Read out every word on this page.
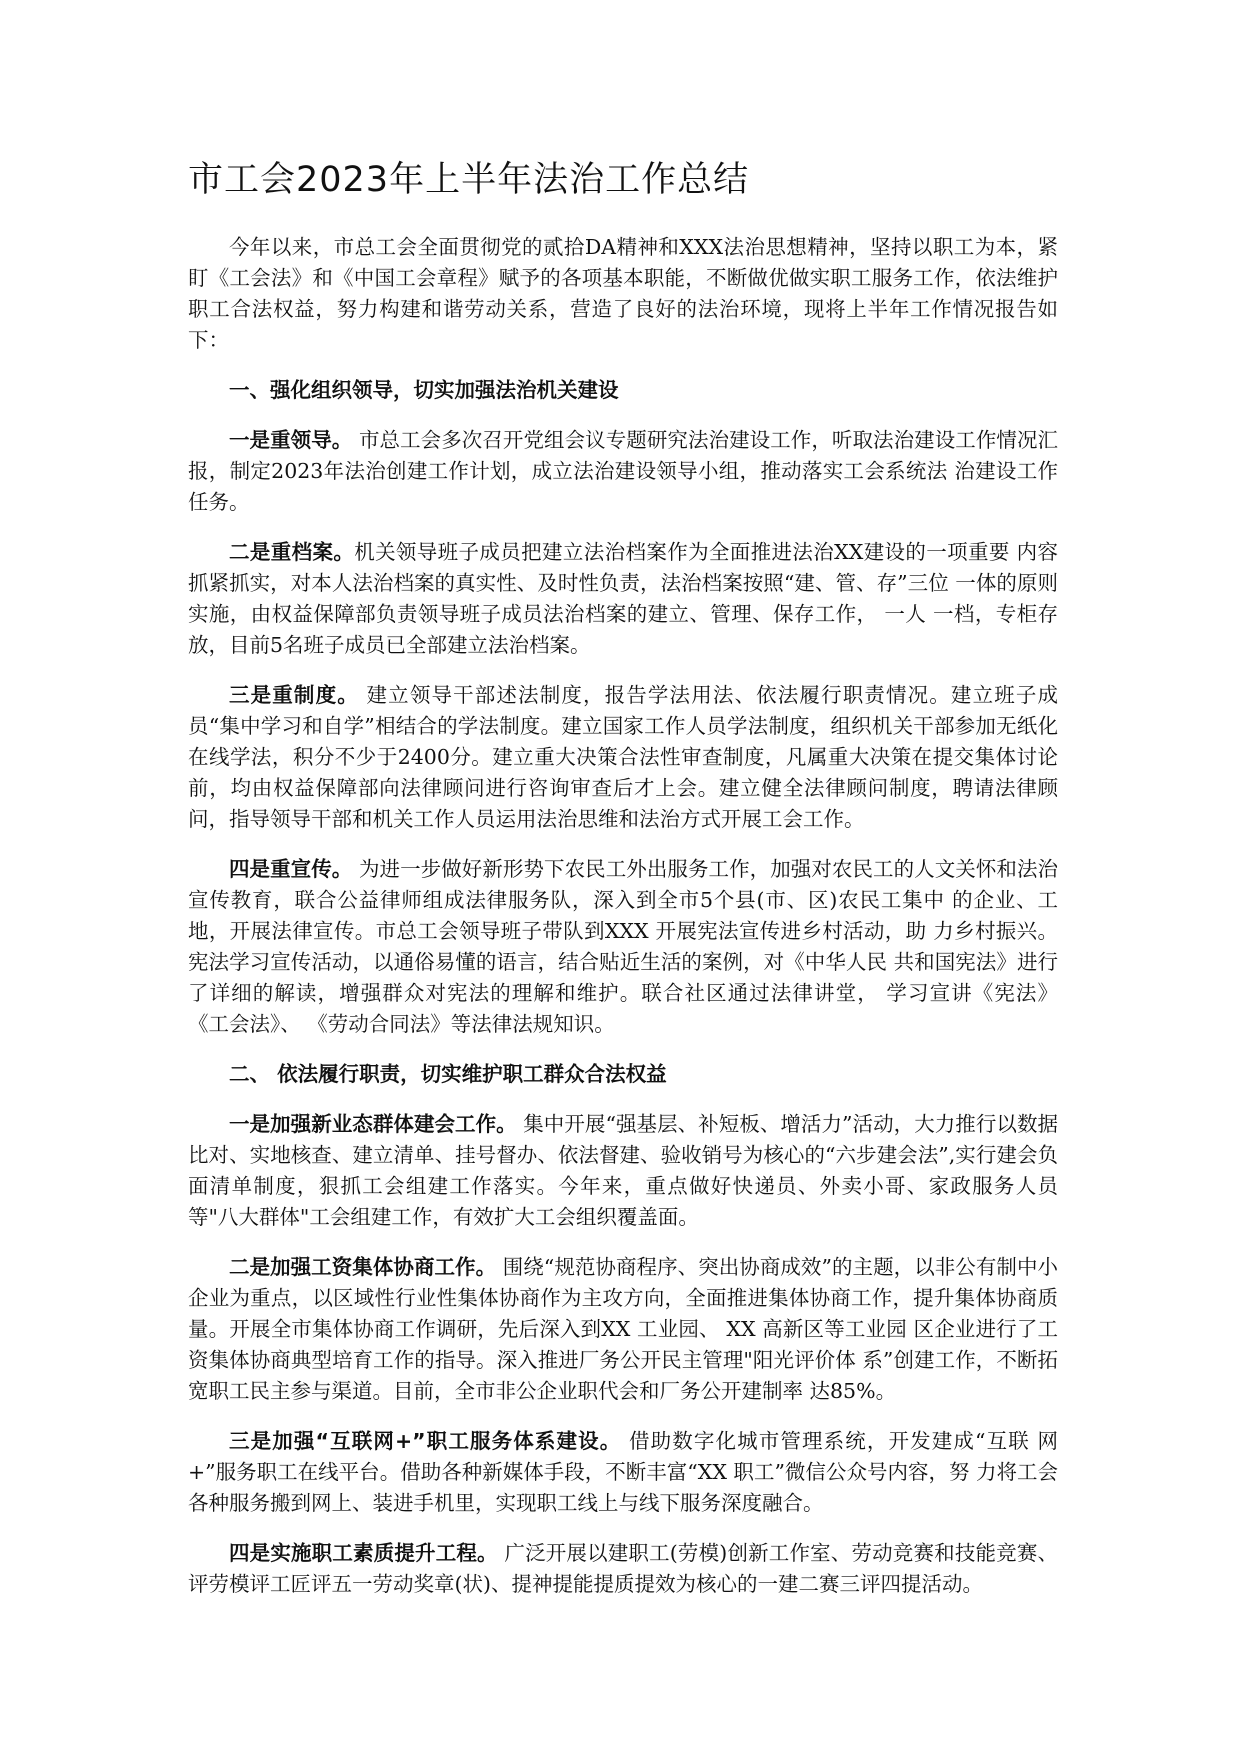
市工会2023年上半年法治工作总结

今年以来，市总工会全面贯彻党的贰拾DA精神和XXX法治思想精神，坚持以职工为本，紧盯《工会法》和《中国工会章程》赋予的各项基本职能，不断做优做实职工服务工作，依法维护职工合法权益，努力构建和谐劳动关系，营造了良好的法治环境，现将上半年工作情况报告如下：

一、强化组织领导，切实加强法治机关建设

一是重领导。 市总工会多次召开党组会议专题研究法治建设工作，听取法治建设工作情况汇报，制定2023年法治创建工作计划，成立法治建设领导小组，推动落实工会系统法 治建设工作任务。

二是重档案。机关领导班子成员把建立法治档案作为全面推进法治XX建设的一项重要 内容抓紧抓实，对本人法治档案的真实性、及时性负责，法治档案按照“建、管、存”三位 一体的原则实施，由权益保障部负责领导班子成员法治档案的建立、管理、保存工作， 一人 一档，专柜存放，目前5名班子成员已全部建立法治档案。

三是重制度。 建立领导干部述法制度，报告学法用法、依法履行职责情况。建立班子成员“集中学习和自学”相结合的学法制度。建立国家工作人员学法制度，组织机关干部参加无纸化在线学法，积分不少于2400分。建立重大决策合法性审查制度，凡属重大决策在提交集体讨论前，均由权益保障部向法律顾问进行咨询审查后才上会。建立健全法律顾问制度，聘请法律顾问，指导领导干部和机关工作人员运用法治思维和法治方式开展工会工作。

四是重宣传。 为进一步做好新形势下农民工外出服务工作，加强对农民工的人文关怀和法治宣传教育，联合公益律师组成法律服务队，深入到全市5个县(市、区)农民工集中 的企业、工地，开展法律宣传。市总工会领导班子带队到XXX 开展宪法宣传进乡村活动，助 力乡村振兴。宪法学习宣传活动，以通俗易懂的语言，结合贴近生活的案例，对《中华人民 共和国宪法》进行了详细的解读，增强群众对宪法的理解和维护。联合社区通过法律讲堂， 学习宣讲《宪法》 《工会法》、 《劳动合同法》等法律法规知识。

二、 依法履行职责，切实维护职工群众合法权益

一是加强新业态群体建会工作。 集中开展“强基层、补短板、增活力”活动，大力推行以数据比对、实地核查、建立清单、挂号督办、依法督建、验收销号为核心的“六步建会法”,实行建会负面清单制度，狠抓工会组建工作落实。今年来，重点做好快递员、外卖小哥、家政服务人员等"八大群体"工会组建工作，有效扩大工会组织覆盖面。

二是加强工资集体协商工作。 围绕“规范协商程序、突出协商成效”的主题，以非公有制中小企业为重点，以区域性行业性集体协商作为主攻方向，全面推进集体协商工作，提升集体协商质量。开展全市集体协商工作调研，先后深入到XX 工业园、 XX 高新区等工业园 区企业进行了工资集体协商典型培育工作的指导。深入推进厂务公开民主管理"阳光评价体 系”创建工作，不断拓宽职工民主参与渠道。目前，全市非公企业职代会和厂务公开建制率 达85%。

三是加强“互联网+”职工服务体系建设。 借助数字化城市管理系统，开发建成“互联 网+”服务职工在线平台。借助各种新媒体手段，不断丰富“XX 职工”微信公众号内容，努 力将工会各种服务搬到网上、装进手机里，实现职工线上与线下服务深度融合。

四是实施职工素质提升工程。 广泛开展以建职工(劳模)创新工作室、劳动竞赛和技能竞赛、评劳模评工匠评五一劳动奖章(状)、提神提能提质提效为核心的一建二赛三评四提活动。
